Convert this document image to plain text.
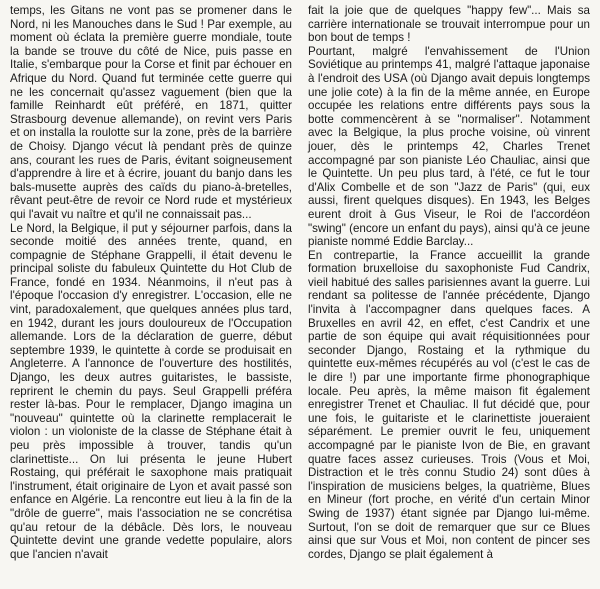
temps, les Gitans ne vont pas se promener dans le Nord, ni les Manouches dans le Sud ! Par exemple, au moment où éclata la première guerre mondiale, toute la bande se trouve du côté de Nice, puis passe en Italie, s'embarque pour la Corse et finit par échouer en Afrique du Nord. Quand fut terminée cette guerre qui ne les concernait qu'assez vaguement (bien que la famille Reinhardt eût préféré, en 1871, quitter Strasbourg devenue allemande), on revint vers Paris et on installa la roulotte sur la zone, près de la barrière de Choisy. Django vécut là pendant près de quinze ans, courant les rues de Paris, évitant soigneusement d'apprendre à lire et à écrire, jouant du banjo dans les bals-musette auprès des caïds du piano-à-bretelles, rêvant peut-être de revoir ce Nord rude et mystérieux qui l'avait vu naître et qu'il ne connaissait pas...

Le Nord, la Belgique, il put y séjourner parfois, dans la seconde moitié des années trente, quand, en compagnie de Stéphane Grappelli, il était devenu le principal soliste du fabuleux Quintette du Hot Club de France, fondé en 1934. Néanmoins, il n'eut pas à l'époque l'occasion d'y enregistrer. L'occasion, elle ne vint, paradoxalement, que quelques années plus tard, en 1942, durant les jours douloureux de l'Occupation allemande. Lors de la déclaration de guerre, début septembre 1939, le quintette à corde se produisait en Angleterre. A l'annonce de l'ouverture des hostilités, Django, les deux autres guitaristes, le bassiste, reprirent le chemin du pays. Seul Grappelli préféra rester là-bas. Pour le remplacer, Django imagina un "nouveau" quintette où la clarinette remplacerait le violon : un violoniste de la classe de Stéphane était à peu près impossible à trouver, tandis qu'un clarinettiste... On lui présenta le jeune Hubert Rostaing, qui préférait le saxophone mais pratiquait l'instrument, était originaire de Lyon et avait passé son enfance en Algérie. La rencontre eut lieu à la fin de la "drôle de guerre", mais l'association ne se concrétisa qu'au retour de la débâcle. Dès lors, le nouveau Quintette devint une grande vedette populaire, alors que l'ancien n'avait

fait la joie que de quelques "happy few"... Mais sa carrière internationale se trouvait interrompue pour un bon bout de temps !

Pourtant, malgré l'envahissement de l'Union Soviétique au printemps 41, malgré l'attaque japonaise à l'endroit des USA (où Django avait depuis longtemps une jolie cote) à la fin de la même année, en Europe occupée les relations entre différents pays sous la botte commencèrent à se "normaliser". Notamment avec la Belgique, la plus proche voisine, où vinrent jouer, dès le printemps 42, Charles Trenet accompagné par son pianiste Léo Chauliac, ainsi que le Quintette. Un peu plus tard, à l'été, ce fut le tour d'Alix Combelle et de son "Jazz de Paris" (qui, eux aussi, firent quelques disques). En 1943, les Belges eurent droit à Gus Viseur, le Roi de l'accordéon "swing" (encore un enfant du pays), ainsi qu'à ce jeune pianiste nommé Eddie Barclay...

En contrepartie, la France accueillit la grande formation bruxelloise du saxophoniste Fud Candrix, vieil habitué des salles parisiennes avant la guerre. Lui rendant sa politesse de l'année précédente, Django l'invita à l'accompagner dans quelques faces. A Bruxelles en avril 42, en effet, c'est Candrix et une partie de son équipe qui avait réquisitionnées pour seconder Django, Rostaing et la rythmique du quintette eux-mêmes récupérés au vol (c'est le cas de le dire !) par une importante firme phonographique locale. Peu après, la même maison fit également enregistrer Trenet et Chauliac. Il fut décidé que, pour une fois, le guitariste et le clarinettiste joueraient séparément. Le premier ouvrit le feu, uniquement accompagné par le pianiste Ivon de Bie, en gravant quatre faces assez curieuses. Trois (Vous et Moi, Distraction et le très connu Studio 24) sont dûes à l'inspiration de musiciens belges, la quatrième, Blues en Mineur (fort proche, en vérité d'un certain Minor Swing de 1937) étant signée par Django lui-même. Surtout, l'on se doit de remarquer que sur ce Blues ainsi que sur Vous et Moi, non content de pincer ses cordes, Django se plait également à
